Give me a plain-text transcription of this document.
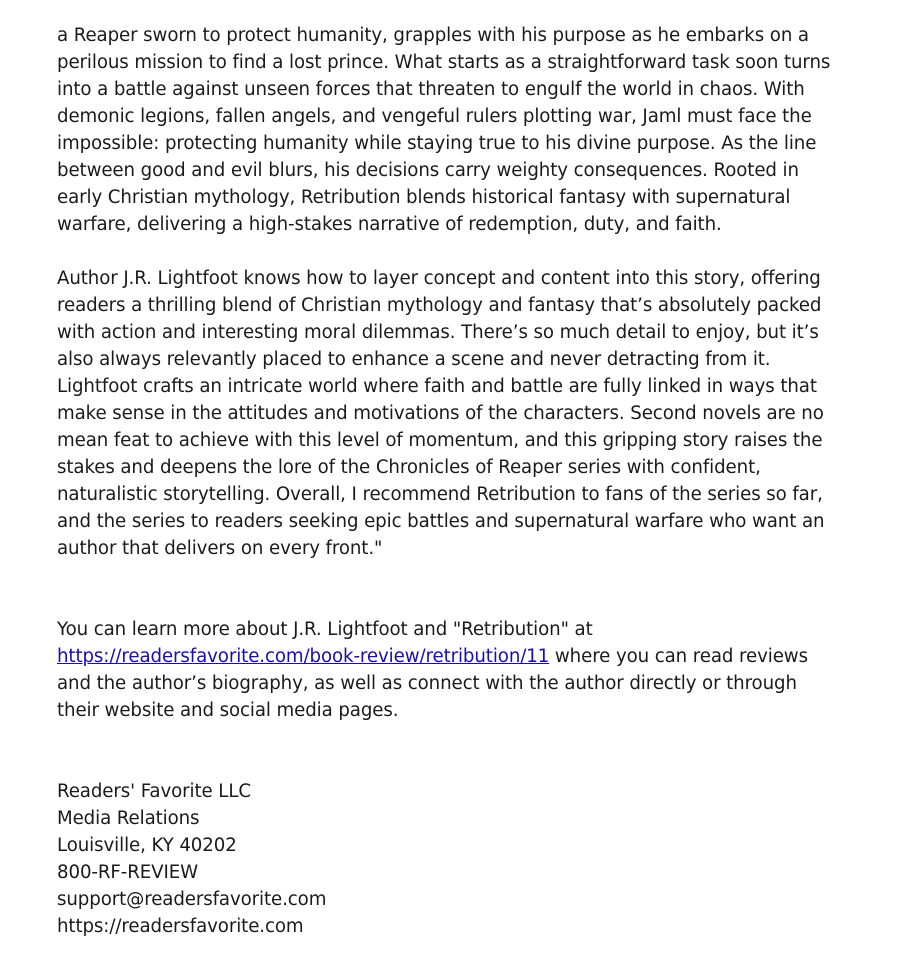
a Reaper sworn to protect humanity, grapples with his purpose as he embarks on a
perilous mission to find a lost prince. What starts as a straightforward task soon turns
into a battle against unseen forces that threaten to engulf the world in chaos. With
demonic legions, fallen angels, and vengeful rulers plotting war, Jaml must face the
impossible: protecting humanity while staying true to his divine purpose. As the line
between good and evil blurs, his decisions carry weighty consequences. Rooted in
early Christian mythology, Retribution blends historical fantasy with supernatural
warfare, delivering a high-stakes narrative of redemption, duty, and faith.
Author J.R. Lightfoot knows how to layer concept and content into this story, offering
readers a thrilling blend of Christian mythology and fantasy that’s absolutely packed
with action and interesting moral dilemmas. There’s so much detail to enjoy, but it’s
also always relevantly placed to enhance a scene and never detracting from it.
Lightfoot crafts an intricate world where faith and battle are fully linked in ways that
make sense in the attitudes and motivations of the characters. Second novels are no
mean feat to achieve with this level of momentum, and this gripping story raises the
stakes and deepens the lore of the Chronicles of Reaper series with confident,
naturalistic storytelling. Overall, I recommend Retribution to fans of the series so far,
and the series to readers seeking epic battles and supernatural warfare who want an
author that delivers on every front."
You can learn more about J.R. Lightfoot and "Retribution" at
https://readersfavorite.com/book-review/retribution/11 where you can read reviews
and the author’s biography, as well as connect with the author directly or through
their website and social media pages.
Readers' Favorite LLC
Media Relations
Louisville, KY 40202
800-RF-REVIEW
support@readersfavorite.com
https://readersfavorite.com
